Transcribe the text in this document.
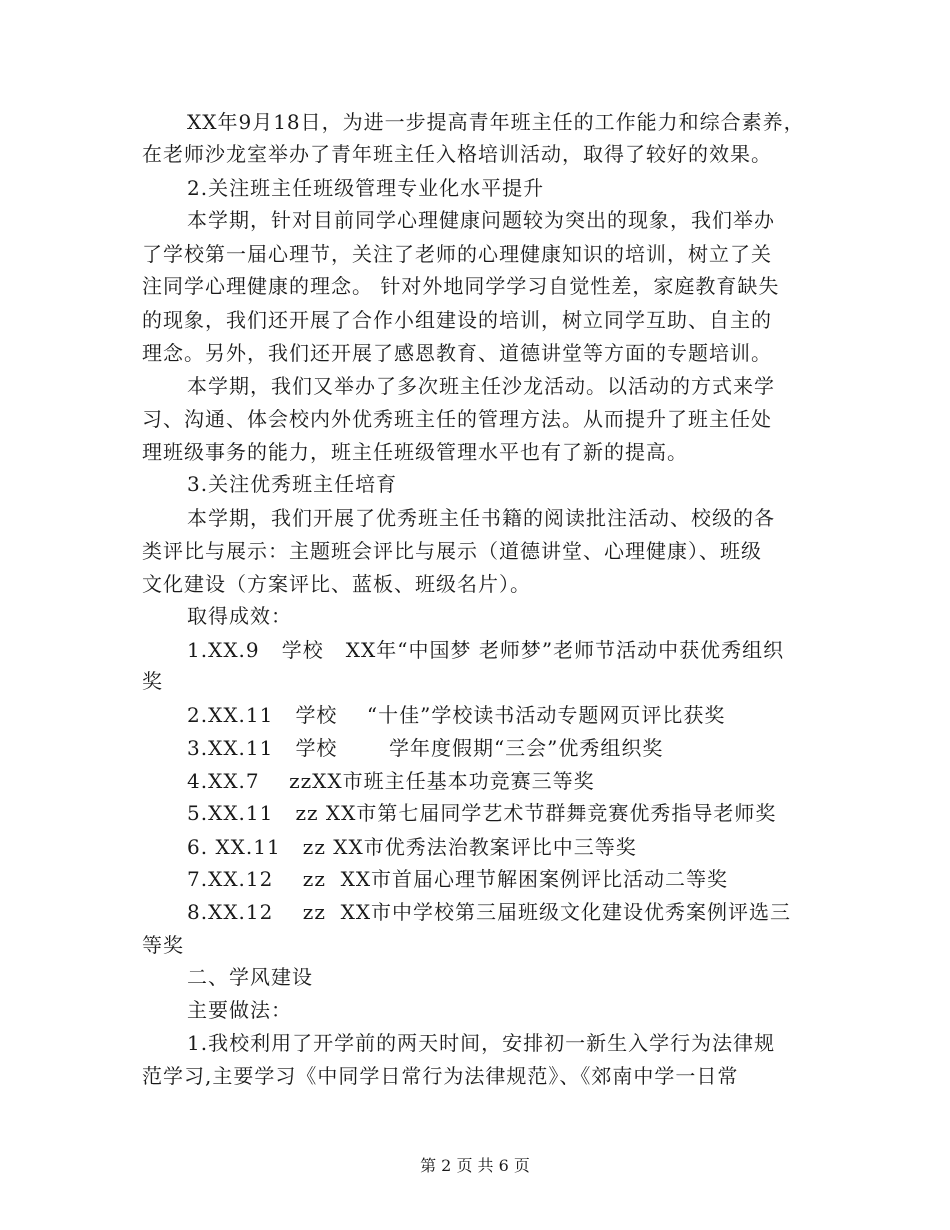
XX年9月18日，为进一步提高青年班主任的工作能力和综合素养，
在老师沙龙室举办了青年班主任入格培训活动，取得了较好的效果。
2.关注班主任班级管理专业化水平提升
本学期，针对目前同学心理健康问题较为突出的现象，我们举办
了学校第一届心理节，关注了老师的心理健康知识的培训，树立了关
注同学心理健康的理念。 针对外地同学学习自觉性差，家庭教育缺失
的现象，我们还开展了合作小组建设的培训，树立同学互助、自主的
理念。另外，我们还开展了感恩教育、道德讲堂等方面的专题培训。
本学期，我们又举办了多次班主任沙龙活动。以活动的方式来学
习、沟通、体会校内外优秀班主任的管理方法。从而提升了班主任处
理班级事务的能力，班主任班级管理水平也有了新的提高。
3.关注优秀班主任培育
本学期，我们开展了优秀班主任书籍的阅读批注活动、校级的各
类评比与展示：主题班会评比与展示（道德讲堂、心理健康）、班级
文化建设（方案评比、蓝板、班级名片）。
取得成效：
1.XX.9   学校   XX年“中国梦 老师梦”老师节活动中获优秀组织
奖
2.XX.11   学校    “十佳”学校读书活动专题网页评比获奖
3.XX.11   学校       学年度假期“三会”优秀组织奖
4.XX.7    zzXX市班主任基本功竞赛三等奖
5.XX.11   zz XX市第七届同学艺术节群舞竞赛优秀指导老师奖
6. XX.11   zz XX市优秀法治教案评比中三等奖
7.XX.12    zz  XX市首届心理节解困案例评比活动二等奖
8.XX.12    zz  XX市中学校第三届班级文化建设优秀案例评选三
等奖
二、学风建设
主要做法：
1.我校利用了开学前的两天时间，安排初一新生入学行为法律规
范学习,主要学习《中同学日常行为法律规范》、《郊南中学一日常
第 2 页 共 6 页
